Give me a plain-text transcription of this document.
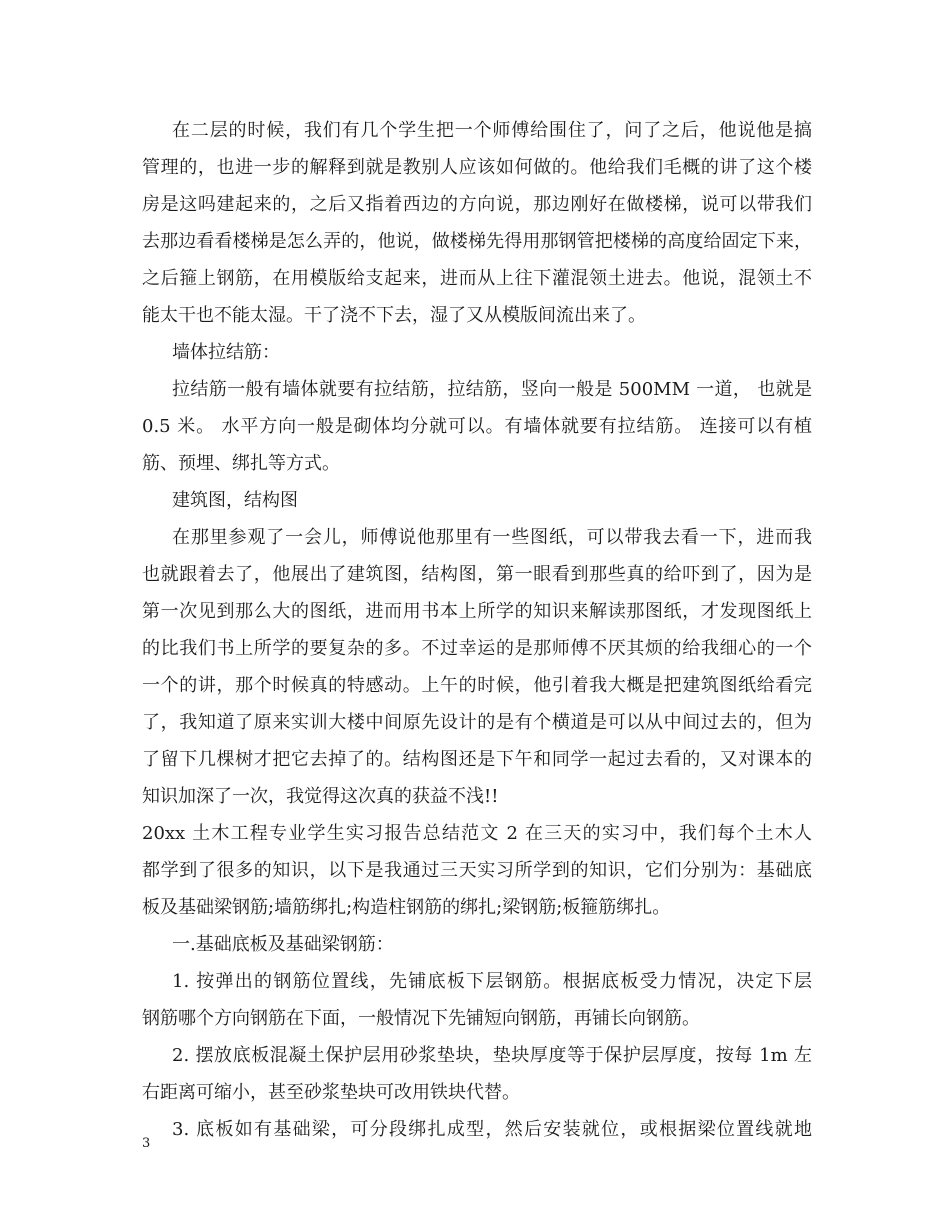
在二层的时候，我们有几个学生把一个师傅给围住了，问了之后，他说他是搞
管理的，也进一步的解释到就是教别人应该如何做的。他给我们毛概的讲了这个楼
房是这吗建起来的，之后又指着西边的方向说，那边刚好在做楼梯，说可以带我们
去那边看看楼梯是怎么弄的，他说，做楼梯先得用那钢管把楼梯的高度给固定下来，
之后箍上钢筋，在用模版给支起来，进而从上往下灌混领土进去。他说，混领土不
能太干也不能太湿。干了浇不下去，湿了又从模版间流出来了。
墙体拉结筋：
拉结筋一般有墙体就要有拉结筋，拉结筋，竖向一般是 500MM 一道， 也就是
0.5 米。 水平方向一般是砌体均分就可以。有墙体就要有拉结筋。 连接可以有植
筋、预埋、绑扎等方式。
建筑图，结构图
在那里参观了一会儿，师傅说他那里有一些图纸，可以带我去看一下，进而我
也就跟着去了，他展出了建筑图，结构图，第一眼看到那些真的给吓到了，因为是
第一次见到那么大的图纸，进而用书本上所学的知识来解读那图纸，才发现图纸上
的比我们书上所学的要复杂的多。不过幸运的是那师傅不厌其烦的给我细心的一个
一个的讲，那个时候真的特感动。上午的时候，他引着我大概是把建筑图纸给看完
了，我知道了原来实训大楼中间原先设计的是有个横道是可以从中间过去的，但为
了留下几棵树才把它去掉了的。结构图还是下午和同学一起过去看的，又对课本的
知识加深了一次，我觉得这次真的获益不浅!!
20xx 土木工程专业学生实习报告总结范文 2 在三天的实习中，我们每个土木人
都学到了很多的知识，以下是我通过三天实习所学到的知识，它们分别为：基础底
板及基础梁钢筋;墙筋绑扎;构造柱钢筋的绑扎;梁钢筋;板箍筋绑扎。
一.基础底板及基础梁钢筋：
1. 按弹出的钢筋位置线，先铺底板下层钢筋。根据底板受力情况，决定下层
钢筋哪个方向钢筋在下面，一般情况下先铺短向钢筋，再铺长向钢筋。
2. 摆放底板混凝土保护层用砂浆垫块，垫块厚度等于保护层厚度，按每 1m 左
右距离可缩小，甚至砂浆垫块可改用铁块代替。
3. 底板如有基础梁，可分段绑扎成型，然后安装就位，或根据梁位置线就地
3
